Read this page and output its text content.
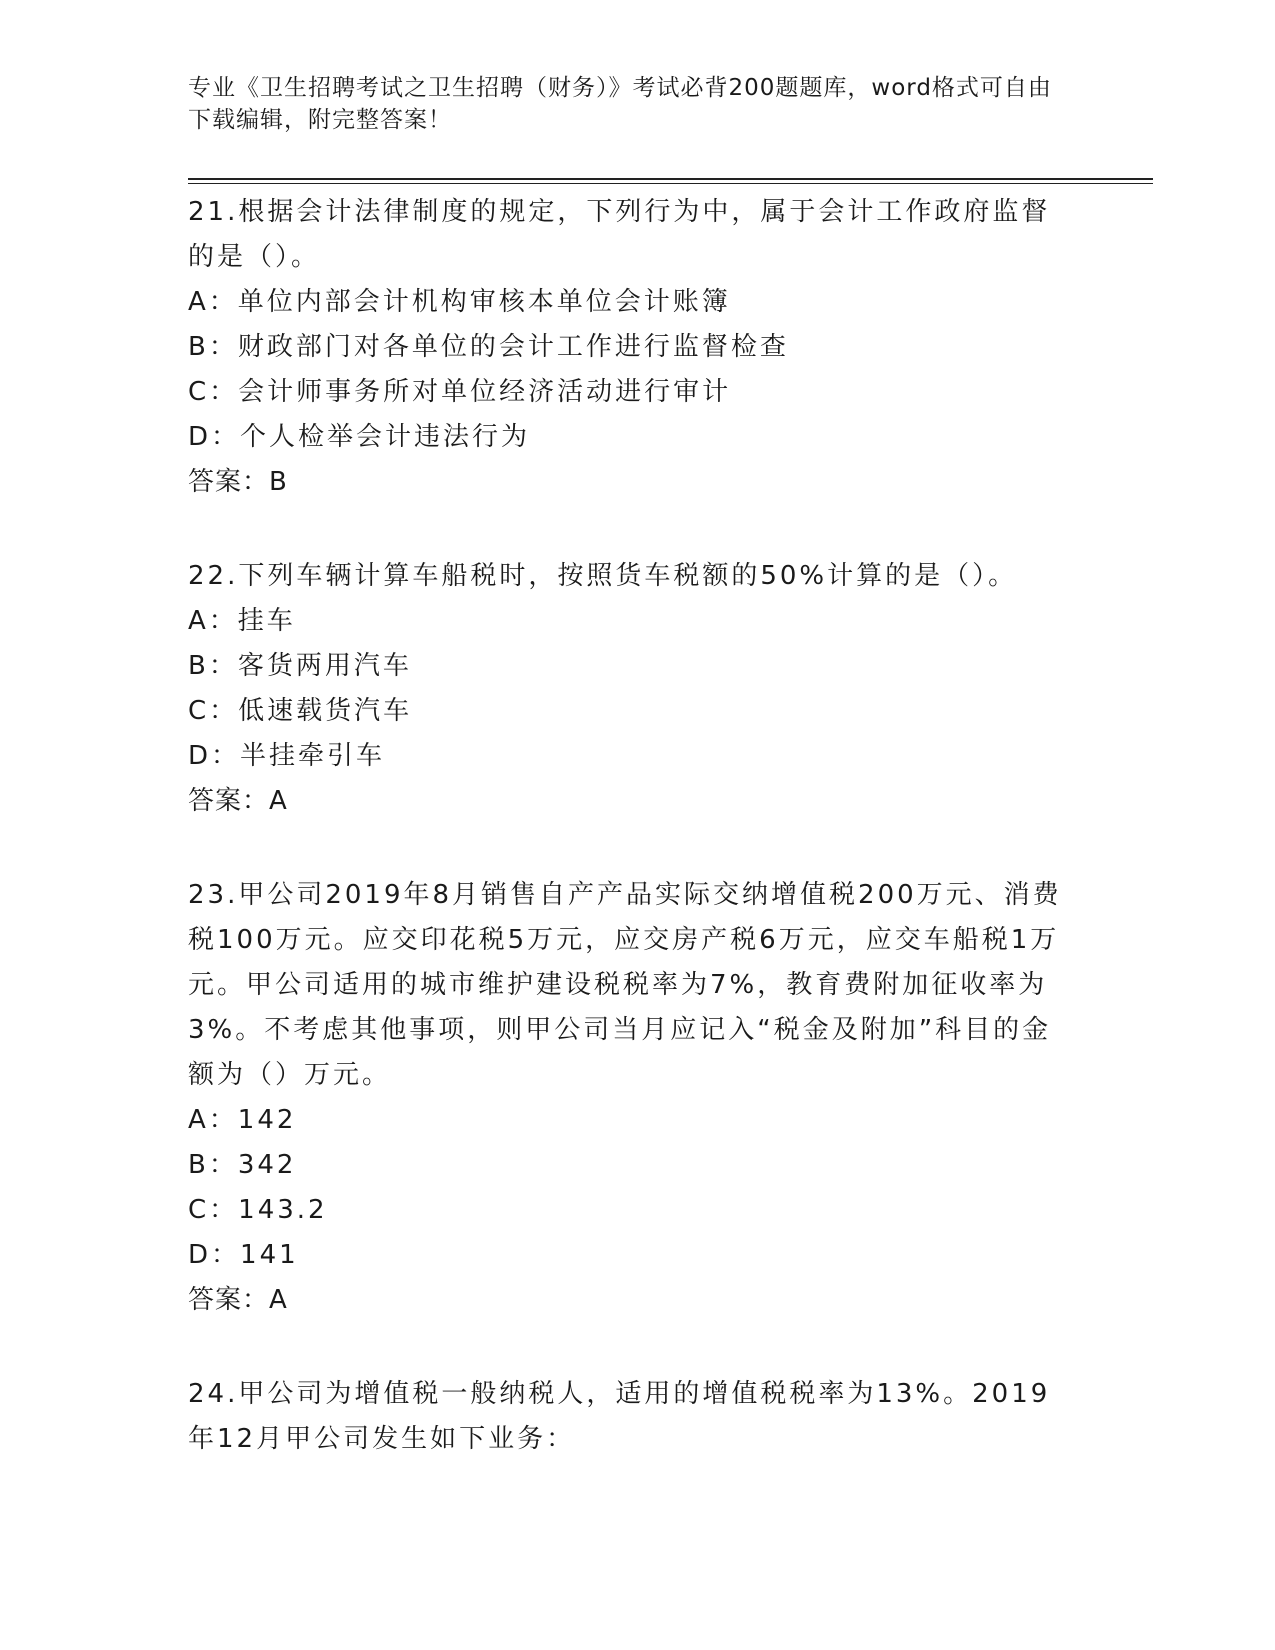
专业《卫生招聘考试之卫生招聘（财务）》考试必背200题题库，word格式可自由下载编辑，附完整答案！
21.根据会计法律制度的规定，下列行为中，属于会计工作政府监督的是（）。
A：单位内部会计机构审核本单位会计账簿
B：财政部门对各单位的会计工作进行监督检查
C：会计师事务所对单位经济活动进行审计
D：个人检举会计违法行为
答案：B
22.下列车辆计算车船税时，按照货车税额的50%计算的是（）。
A：挂车
B：客货两用汽车
C：低速载货汽车
D：半挂牵引车
答案：A
23.甲公司2019年8月销售自产产品实际交纳增值税200万元、消费税100万元。应交印花税5万元，应交房产税6万元，应交车船税1万元。甲公司适用的城市维护建设税税率为7%，教育费附加征收率为3%。不考虑其他事项，则甲公司当月应记入“税金及附加”科目的金额为（）万元。
A：142
B：342
C：143.2
D：141
答案：A
24.甲公司为增值税一般纳税人，适用的增值税税率为13%。2019年12月甲公司发生如下业务：
